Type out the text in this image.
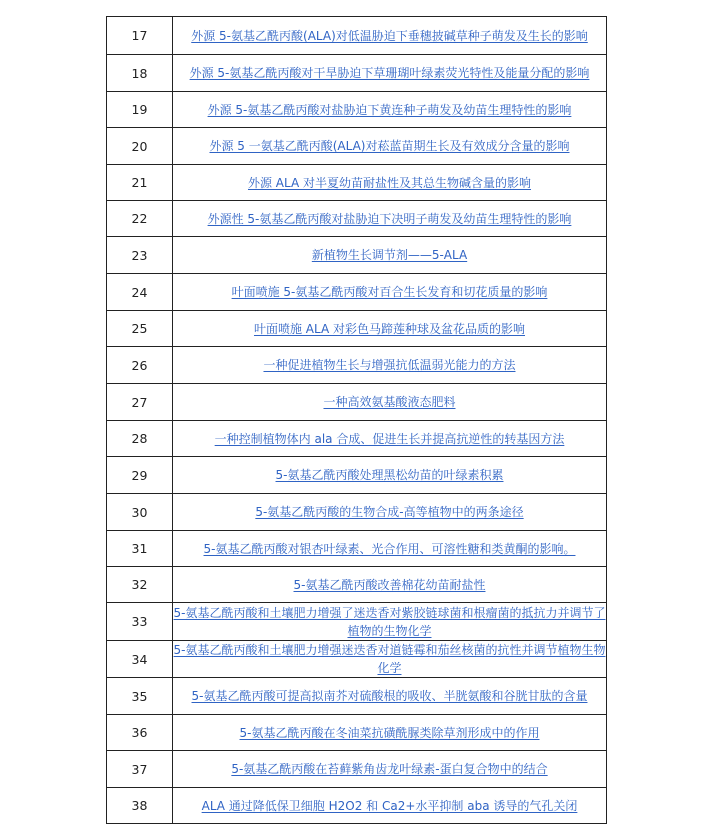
17	外源 5-氨基乙酰丙酸(ALA)对低温胁迫下垂穗披碱草种子萌发及生长的影响
18	外源 5-氨基乙酰丙酸对干旱胁迫下草珊瑚叶绿素荧光特性及能量分配的影响
19	外源 5-氨基乙酰丙酸对盐胁迫下黄连种子萌发及幼苗生理特性的影响
20	外源 5 一氨基乙酰丙酸(ALA)对菘蓝苗期生长及有效成分含量的影响
21	外源 ALA 对半夏幼苗耐盐性及其总生物碱含量的影响
22	外源性 5-氨基乙酰丙酸对盐胁迫下决明子萌发及幼苗生理特性的影响
23	新植物生长调节剂——5-ALA
24	叶面喷施 5-氨基乙酰丙酸对百合生长发育和切花质量的影响
25	叶面喷施 ALA 对彩色马蹄莲种球及盆花品质的影响
26	一种促进植物生长与增强抗低温弱光能力的方法
27	一种高效氨基酸液态肥料
28	一种控制植物体内 ala 合成、促进生长并提高抗逆性的转基因方法
29	5-氨基乙酰丙酸处理黑松幼苗的叶绿素积累
30	5-氨基乙酰丙酸的生物合成-高等植物中的两条途径
31	5-氨基乙酰丙酸对银杏叶绿素、光合作用、可溶性糖和类黄酮的影响。
32	5-氨基乙酰丙酸改善棉花幼苗耐盐性
33	5-氨基乙酰丙酸和土壤肥力增强了迷迭香对紫胶链球菌和根瘤菌的抵抗力并调节了植物的生物化学
34	5-氨基乙酰丙酸和土壤肥力增强迷迭香对道链霉和茄丝核菌的抗性并调节植物生物化学
35	5-氨基乙酰丙酸可提高拟南芥对硫酸根的吸收、半胱氨酸和谷胱甘肽的含量
36	5-氨基乙酰丙酸在冬油菜抗磺酰脲类除草剂形成中的作用
37	5-氨基乙酰丙酸在苔藓紫角齿龙叶绿素-蛋白复合物中的结合
38	ALA 通过降低保卫细胞 H2O2 和 Ca2+水平抑制 aba 诱导的气孔关闭
